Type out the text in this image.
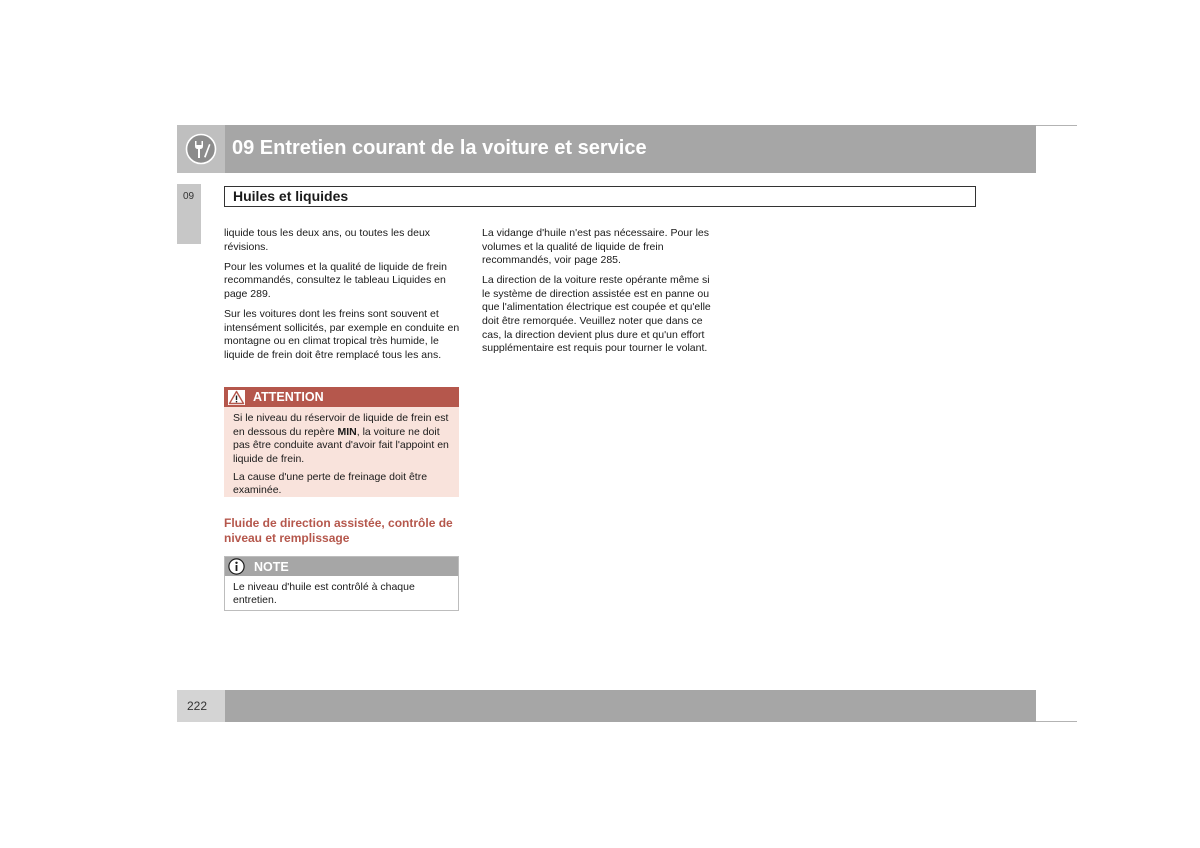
09 Entretien courant de la voiture et service
09	Huiles et liquides

liquide tous les deux ans, ou toutes les deux révisions.

Pour les volumes et la qualité de liquide de frein recommandés, consultez le tableau Liquides en page 289.

Sur les voitures dont les freins sont souvent et intensément sollicités, par exemple en conduite en montagne ou en climat tropical très humide, le liquide de frein doit être remplacé tous les ans.

ATTENTION

Si le niveau du réservoir de liquide de frein est en dessous du repère MIN, la voiture ne doit pas être conduite avant d'avoir fait l'appoint en liquide de frein.

La cause d'une perte de freinage doit être examinée.

Fluide de direction assistée, contrôle de niveau et remplissage
NOTE
Le niveau d'huile est contrôlé à chaque entretien.

La vidange d'huile n'est pas nécessaire. Pour les volumes et la qualité de liquide de frein recommandés, voir page 285.

La direction de la voiture reste opérante même si le système de direction assistée est en panne ou que l'alimentation électrique est coupée et qu'elle doit être remorquée. Veuillez noter que dans ce cas, la direction devient plus dure et qu'un effort supplémentaire est requis pour tourner le volant.

222
